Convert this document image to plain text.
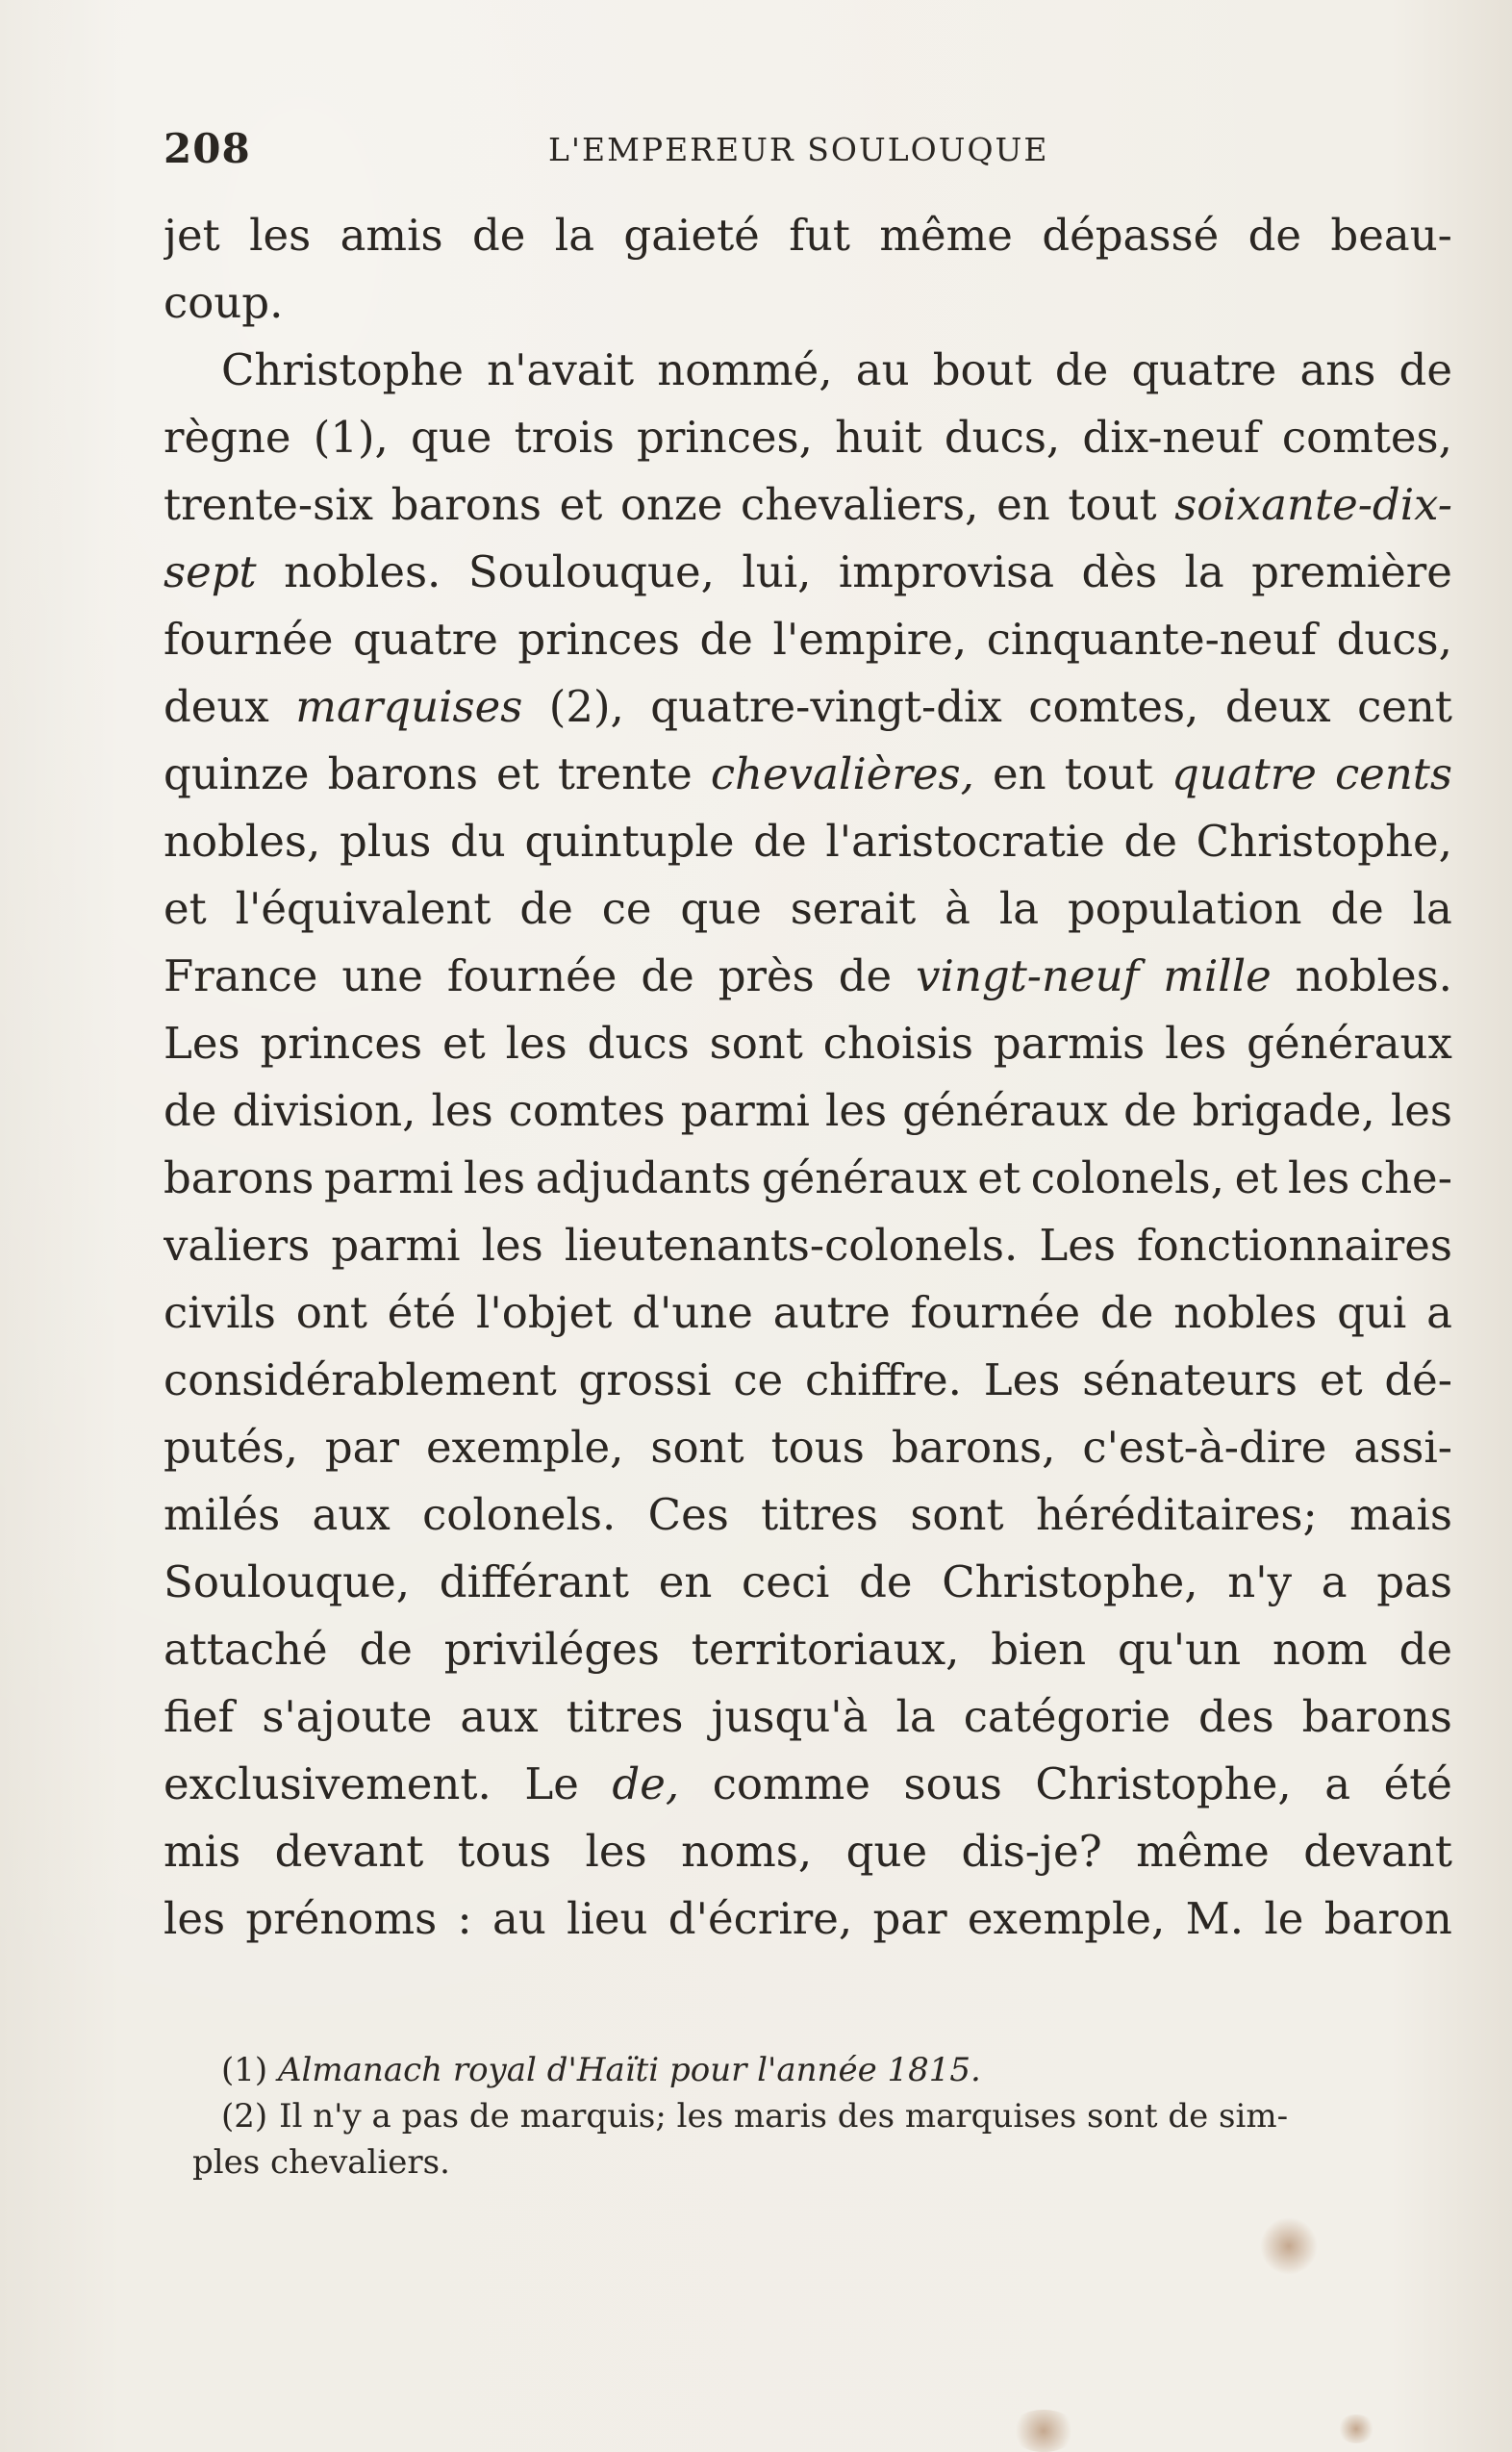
208	L'EMPEREUR SOULOUQUE
jet les amis de la gaieté fut même dépassé de beau-
coup.
Christophe n'avait nommé, au bout de quatre ans de
règne (1), que trois princes, huit ducs, dix-neuf comtes,
trente-six barons et onze chevaliers, en tout soixante-dix-
sept nobles. Soulouque, lui, improvisa dès la première
fournée quatre princes de l'empire, cinquante-neuf ducs,
deux marquises (2), quatre-vingt-dix comtes, deux cent
quinze barons et trente chevalières, en tout quatre cents
nobles, plus du quintuple de l'aristocratie de Christophe,
et l'équivalent de ce que serait à la population de la
France une fournée de près de vingt-neuf mille nobles.
Les princes et les ducs sont choisis parmis les généraux
de division, les comtes parmi les généraux de brigade, les
barons parmi les adjudants généraux et colonels, et les che-
valiers parmi les lieutenants-colonels. Les fonctionnaires
civils ont été l'objet d'une autre fournée de nobles qui a
considérablement grossi ce chiffre. Les sénateurs et dé-
putés, par exemple, sont tous barons, c'est-à-dire assi-
milés aux colonels. Ces titres sont héréditaires; mais
Soulouque, différant en ceci de Christophe, n'y a pas
attaché de priviléges territoriaux, bien qu'un nom de
fief s'ajoute aux titres jusqu'à la catégorie des barons
exclusivement. Le de, comme sous Christophe, a été
mis devant tous les noms, que dis-je? même devant
les prénoms : au lieu d'écrire, par exemple, M. le baron
(1) Almanach royal d'Haïti pour l'année 1815.
(2) Il n'y a pas de marquis; les maris des marquises sont de sim-
ples chevaliers.
